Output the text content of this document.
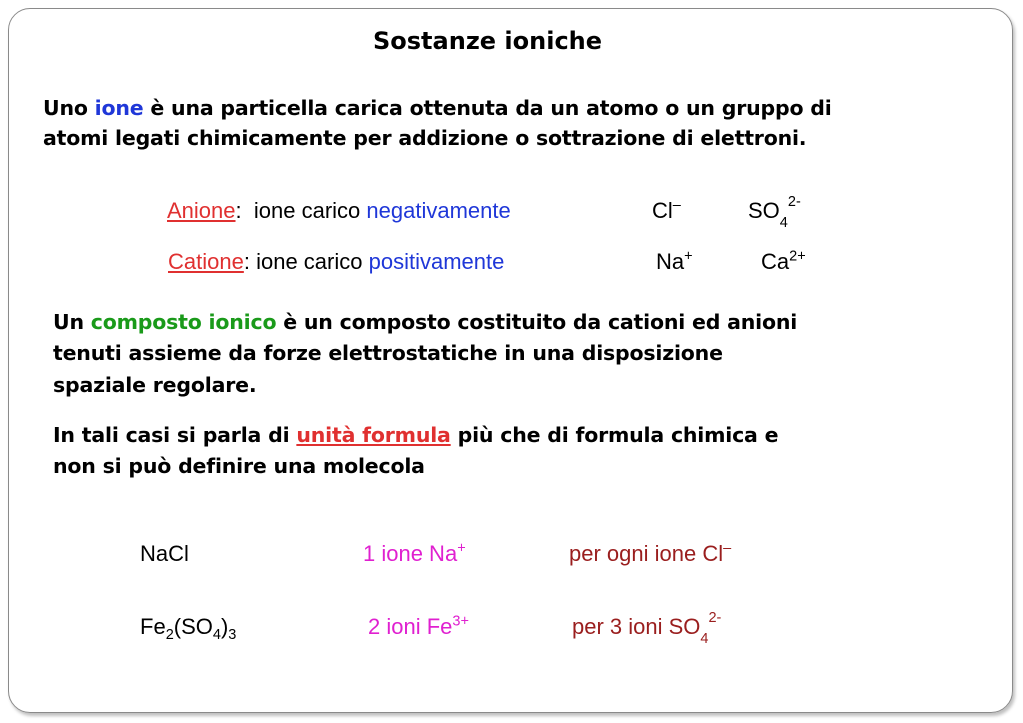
Sostanze ioniche
Uno ione è una particella carica ottenuta da un atomo o un gruppo di
atomi legati chimicamente per addizione o sottrazione di elettroni.
Anione: ione carico negativamente	Cl–	$SO_4^{2-}$
Catione: ione carico positivamente	Na+	$Ca^{2+}$
Un composto ionico è un composto costituito da cationi ed anioni
tenuti assieme da forze elettrostatiche in una disposizione
spaziale regolare.
In tali casi si parla di unità formula più che di formula chimica e
non si può definire una molecola
NaCl	1 ione Na+	per ogni ione Cl–
$Fe_2(SO_4)_3$	2 ioni $Fe^{3+}$	per 3 ioni $SO_4^{2-}$
